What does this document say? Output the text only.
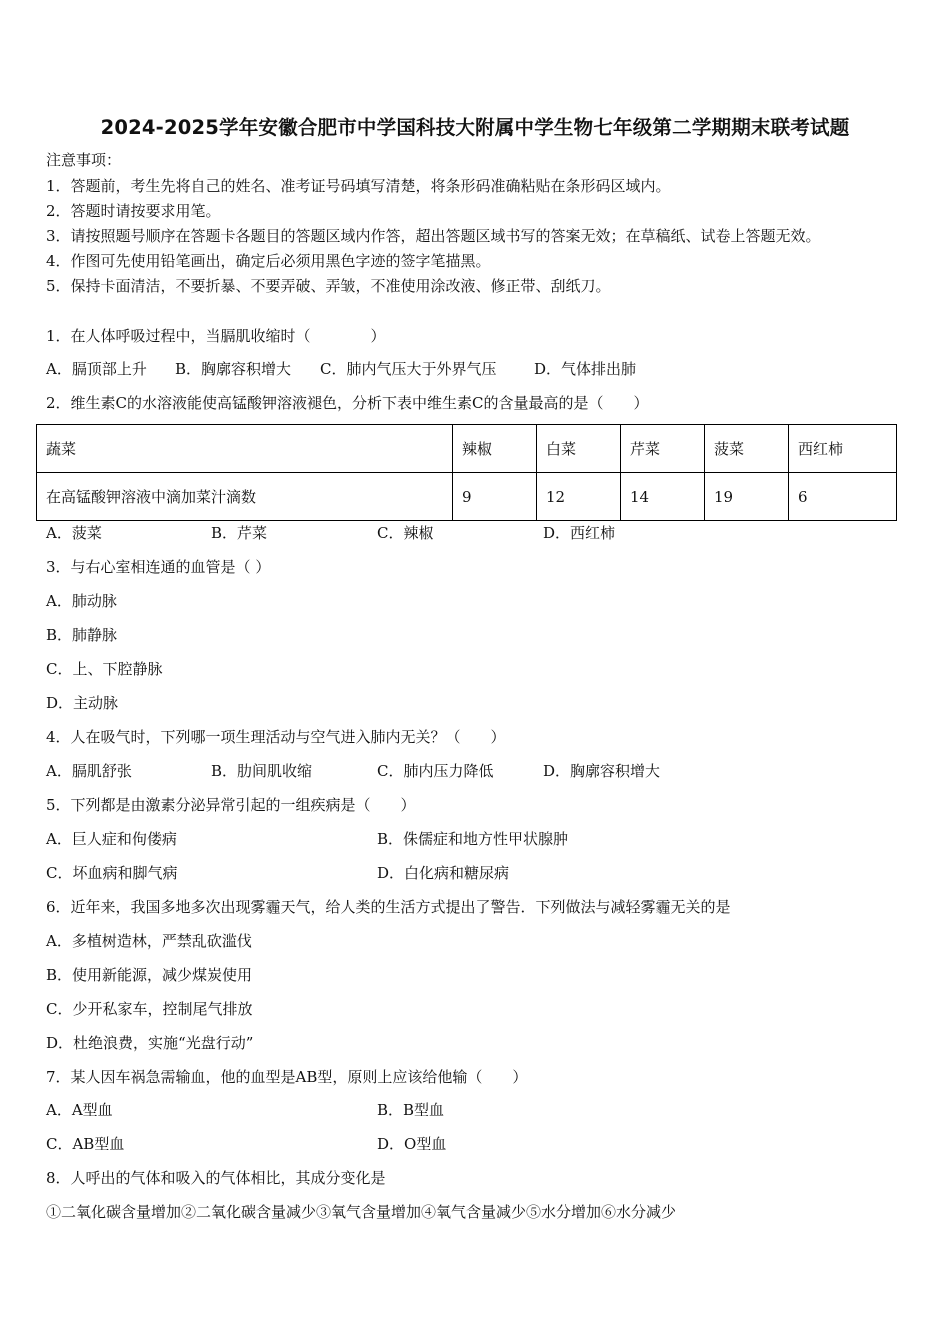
2024-2025学年安徽合肥市中学国科技大附属中学生物七年级第二学期期末联考试题
注意事项：
1．答题前，考生先将自己的姓名、准考证号码填写清楚，将条形码准确粘贴在条形码区域内。
2．答题时请按要求用笔。
3．请按照题号顺序在答题卡各题目的答题区域内作答，超出答题区域书写的答案无效；在草稿纸、试卷上答题无效。
4．作图可先使用铅笔画出，确定后必须用黑色字迹的签字笔描黑。
5．保持卡面清洁，不要折暴、不要弄破、弄皱，不准使用涂改液、修正带、刮纸刀。
1．在人体呼吸过程中，当膈肌收缩时（　　　　）
A．膈顶部上升 B．胸廓容积增大 C．肺内气压大于外界气压	D．气体排出肺
2．维生素C的水溶液能使高锰酸钾溶液褪色，分析下表中维生素C的含量最高的是（　　）
蔬菜	辣椒	白菜	芹菜	菠菜	西红柿
在高锰酸钾溶液中滴加菜汁滴数	9	12	14	19	6
A．菠菜	B．芹菜	C．辣椒	D．西红柿
3．与右心室相连通的血管是（ ）
A．肺动脉
B．肺静脉
C．上、下腔静脉
D．主动脉
4．人在吸气时，下列哪一项生理活动与空气进入肺内无关？（　　）
A．膈肌舒张	B．肋间肌收缩	C．肺内压力降低	D．胸廓容积增大
5．下列都是由激素分泌异常引起的一组疾病是（　　）
A．巨人症和佝偻病	B．侏儒症和地方性甲状腺肿
C．坏血病和脚气病	D．白化病和糖尿病
6．近年来，我国多地多次出现雾霾天气，给人类的生活方式提出了警告．下列做法与减轻雾霾无关的是
A．多植树造林，严禁乱砍滥伐
B．使用新能源，减少煤炭使用
C．少开私家车，控制尾气排放
D．杜绝浪费，实施“光盘行动”
7．某人因车祸急需输血，他的血型是AB型，原则上应该给他输（　　）
A．A型血	B．B型血
C．AB型血	D．O型血
8．人呼出的气体和吸入的气体相比，其成分变化是
①二氧化碳含量增加②二氧化碳含量减少③氧气含量增加④氧气含量减少⑤水分增加⑥水分减少
